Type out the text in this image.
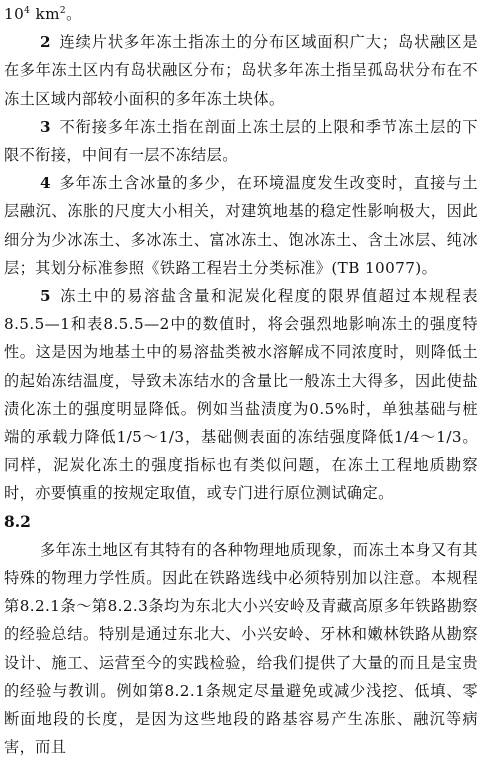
$10^4$ $km^2$。

2 连续片状多年冻土指冻土的分布区域面积广大；岛状融区是在多年冻土区内有岛状融区分布；岛状多年冻土指呈孤岛状分布在不冻土区域内部较小面积的多年冻土块体。

3 不衔接多年冻土指在剖面上冻土层的上限和季节冻土层的下限不衔接，中间有一层不冻结层。

4 多年冻土含冰量的多少，在环境温度发生改变时，直接与土层融沉、冻胀的尺度大小相关，对建筑地基的稳定性影响极大，因此细分为少冰冻土、多冰冻土、富冰冻土、饱冰冻土、含土冰层、纯冰层；其划分标准参照《铁路工程岩土分类标准》(TB 10077)。

5 冻土中的易溶盐含量和泥炭化程度的限界值超过本规程表8.5.5—1和表8.5.5—2中的数值时，将会强烈地影响冻土的强度特性。这是因为地基土中的易溶盐类被水溶解成不同浓度时，则降低土的起始冻结温度，导致未冻结水的含量比一般冻土大得多，因此使盐渍化冻土的强度明显降低。例如当盐渍度为0.5%时，单独基础与桩端的承载力降低1/5～1/3，基础侧表面的冻结强度降低1/4～1/3。同样，泥炭化冻土的强度指标也有类似问题，在冻土工程地质勘察时，亦要慎重的按规定取值，或专门进行原位测试确定。

8.2

多年冻土地区有其特有的各种物理地质现象，而冻土本身又有其特殊的物理力学性质。因此在铁路选线中必须特别加以注意。本规程第8.2.1条～第8.2.3条均为东北大小兴安岭及青藏高原多年铁路勘察的经验总结。特别是通过东北大、小兴安岭、牙林和嫩林铁路从勘察设计、施工、运营至今的实践检验，给我们提供了大量的而且是宝贵的经验与教训。例如第8.2.1条规定尽量避免或减少浅挖、低填、零断面地段的长度，是因为这些地段的路基容易产生冻胀、融沉等病害，而且
